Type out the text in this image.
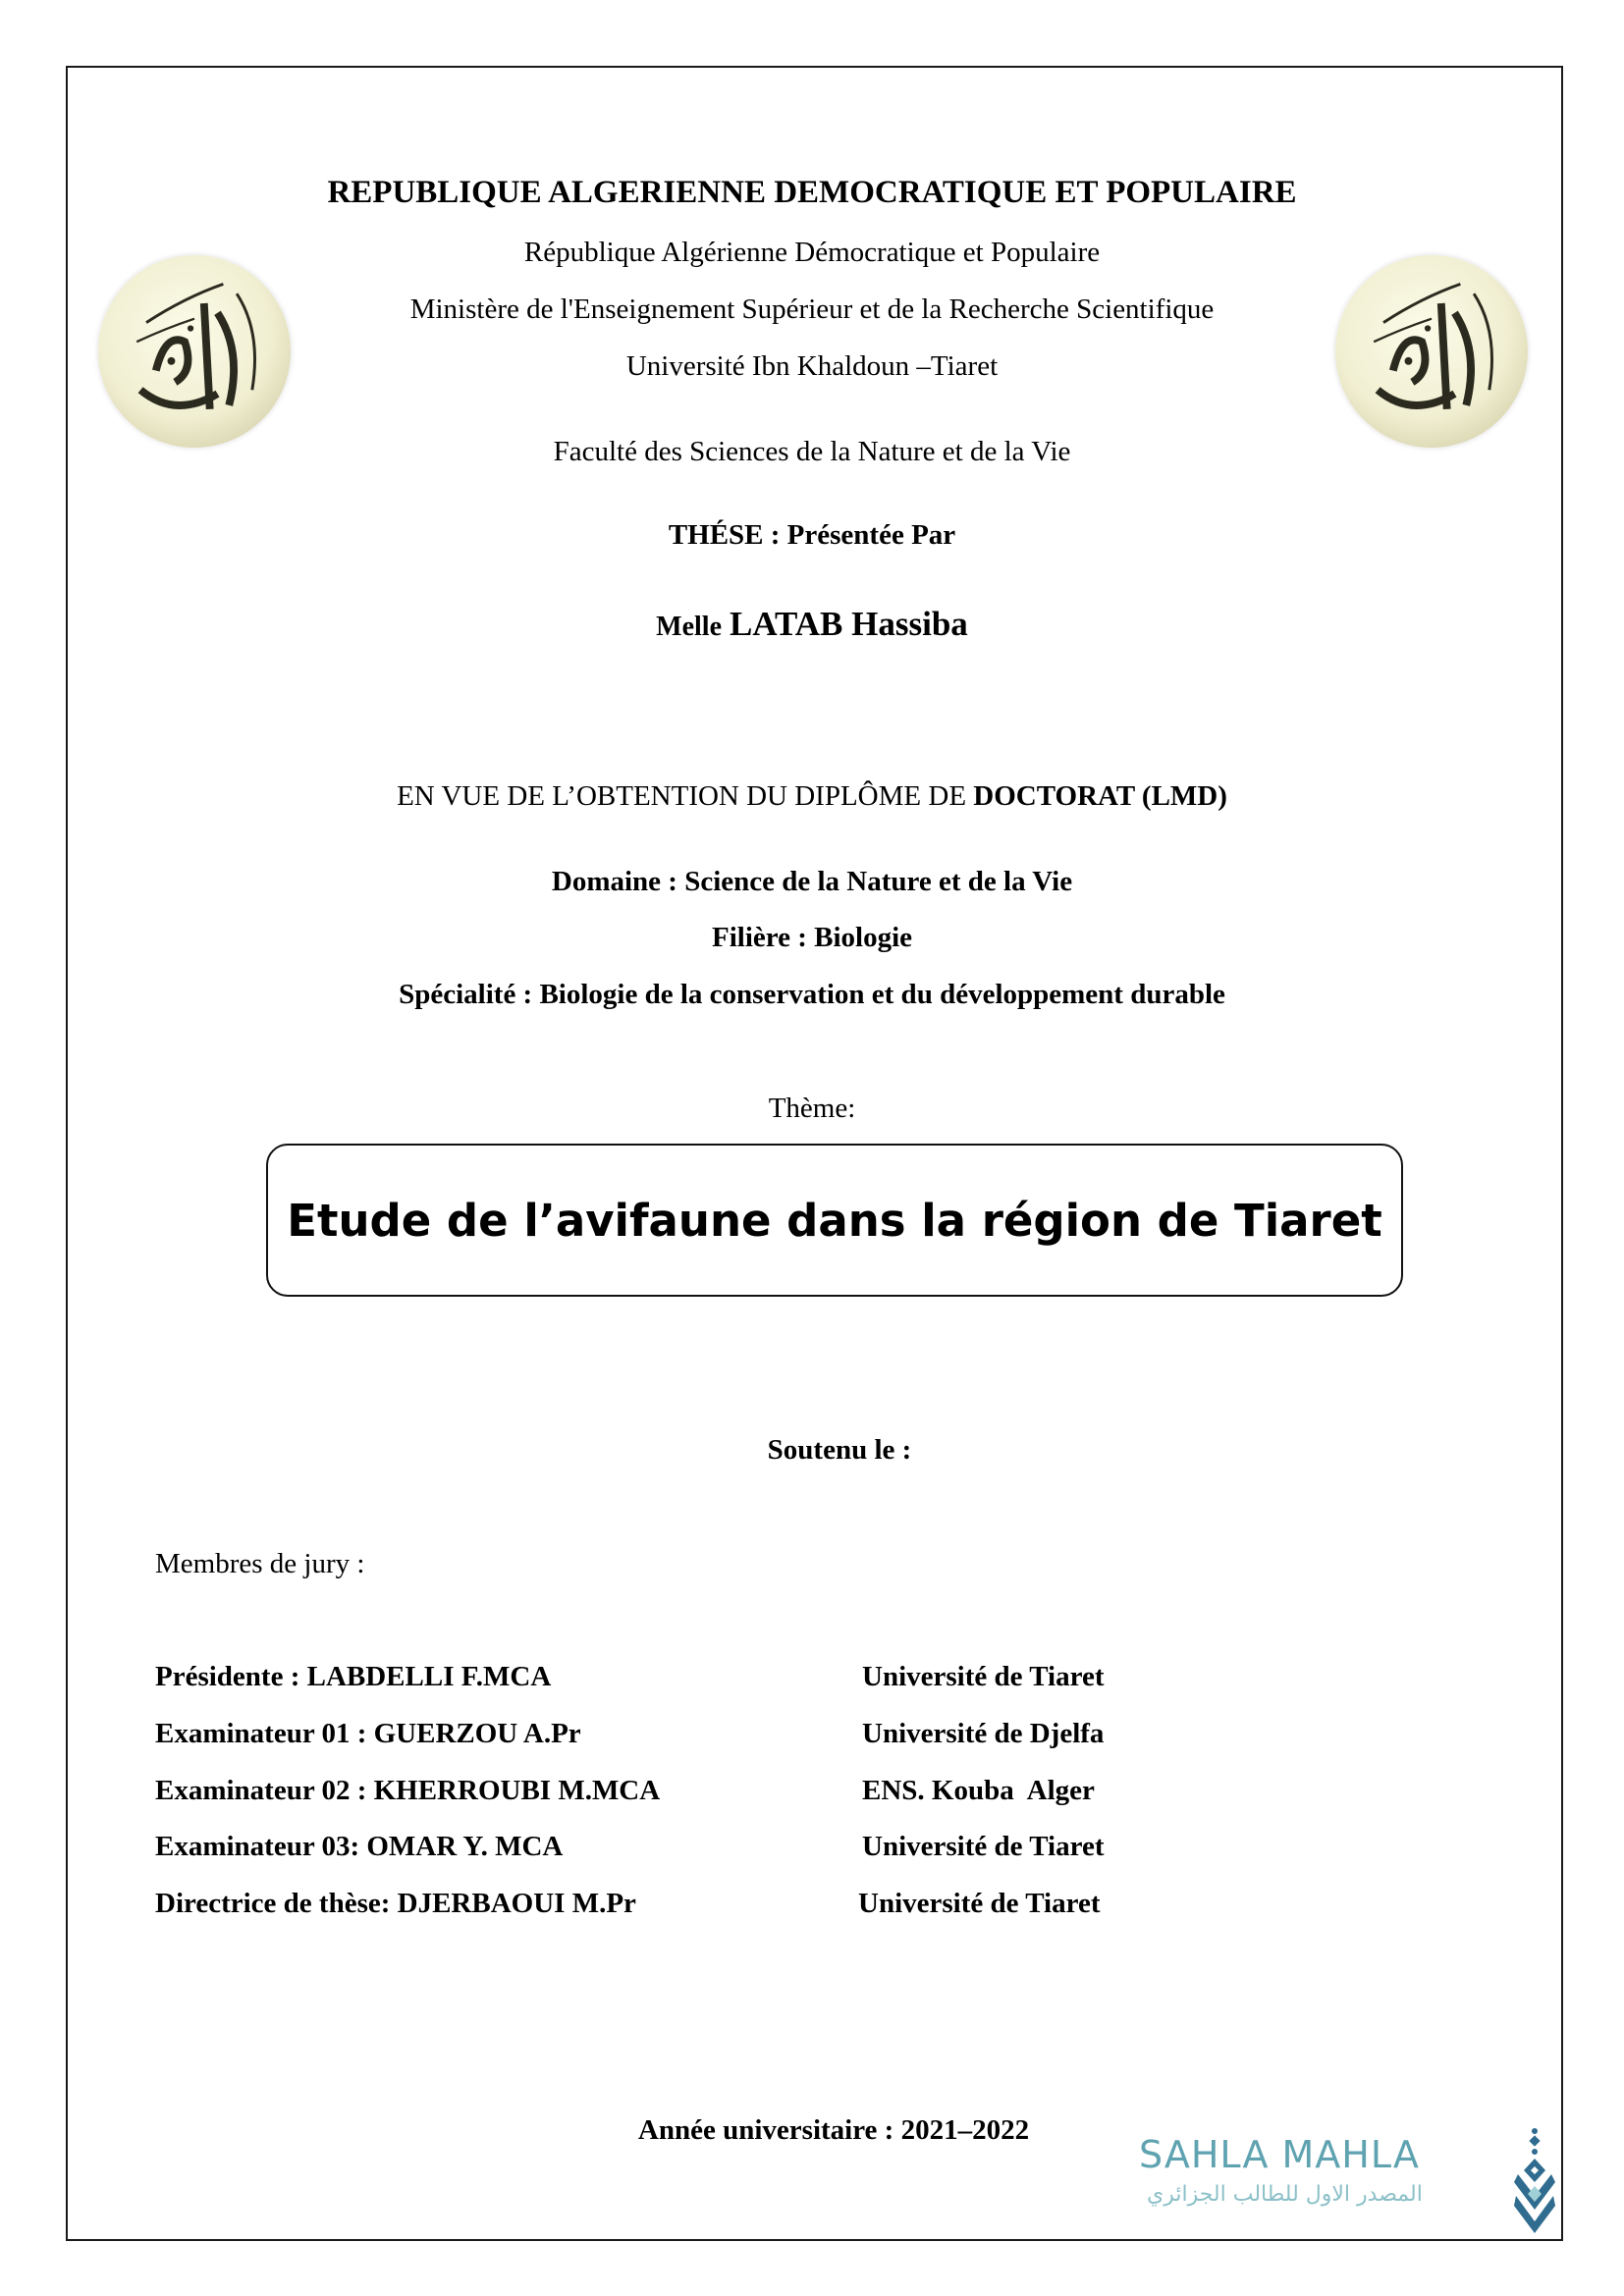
REPUBLIQUE ALGERIENNE DEMOCRATIQUE ET POPULAIRE
République Algérienne Démocratique et Populaire
Ministère de l'Enseignement Supérieur et de la Recherche Scientifique
Université Ibn Khaldoun –Tiaret
Faculté des Sciences de la Nature et de la Vie
THÉSE : Présentée Par
Melle LATAB Hassiba
EN VUE DE L’OBTENTION DU DIPLÔME DE DOCTORAT (LMD)
Domaine : Science de la Nature et de la Vie
Filière : Biologie
Spécialité : Biologie de la conservation et du développement durable
Thème:
Etude de l’avifaune dans la région de Tiaret
Soutenu le :
Membres de jury :
Présidente : LABDELLI F.MCA	Université de Tiaret
Examinateur 01 : GUERZOU A.Pr	Université de Djelfa
Examinateur 02 : KHERROUBI M.MCA	ENS. Kouba  Alger
Examinateur 03: OMAR Y. MCA	Université de Tiaret
Directrice de thèse: DJERBAOUI M.Pr	Université de Tiaret
Année universitaire : 2021–2022
SAHLA MAHLA
المصدر الاول للطالب الجزائري
